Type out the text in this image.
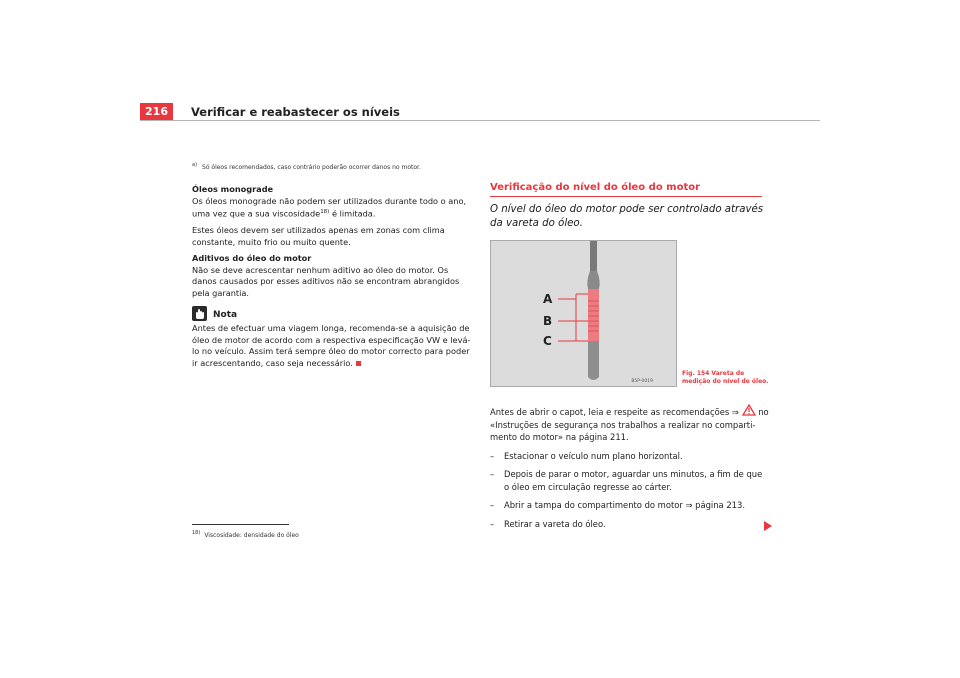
216	Verificar e reabastecer os níveis
$^{a)}$ Só óleos recomendados, caso contrário poderão ocorrer danos no motor.

Óleos monograde

Os óleos monograde não podem ser utilizados durante todo o ano, uma vez que a sua viscosidade$^{18)}$ é limitada.

Estes óleos devem ser utilizados apenas em zonas com clima constante, muito frio ou muito quente.

Aditivos do óleo do motor

Não se deve acrescentar nenhum aditivo ao óleo do motor. Os danos causados por esses aditivos não se encontram abrangidos pela garantia.

Nota

Antes de efectuar uma viagem longa, recomenda-se a aquisição de óleo de motor de acordo com a respectiva especificação VW e levá-lo no veículo. Assim terá sempre óleo do motor correcto para poder ir acrescentando, caso seja necessário.

$^{18)}$ Viscosidade: densidade do óleo
Verificação do nível do óleo do motor
O nível do óleo do motor pode ser controlado através da vareta do óleo.
A
B
C
B5P-0019
Fig. 154 Vareta de medição do nível de óleo.

Antes de abrir o capot, leia e respeite as recomendações ⇒  no «Instruções de segurança nos trabalhos a realizar no comparti-mento do motor» na página 211.

–	Estacionar o veículo num plano horizontal.
–	Depois de parar o motor, aguardar uns minutos, a fim de que o óleo em circulação regresse ao cárter.
–	Abrir a tampa do compartimento do motor ⇒ página 213.
–	Retirar a vareta do óleo.
